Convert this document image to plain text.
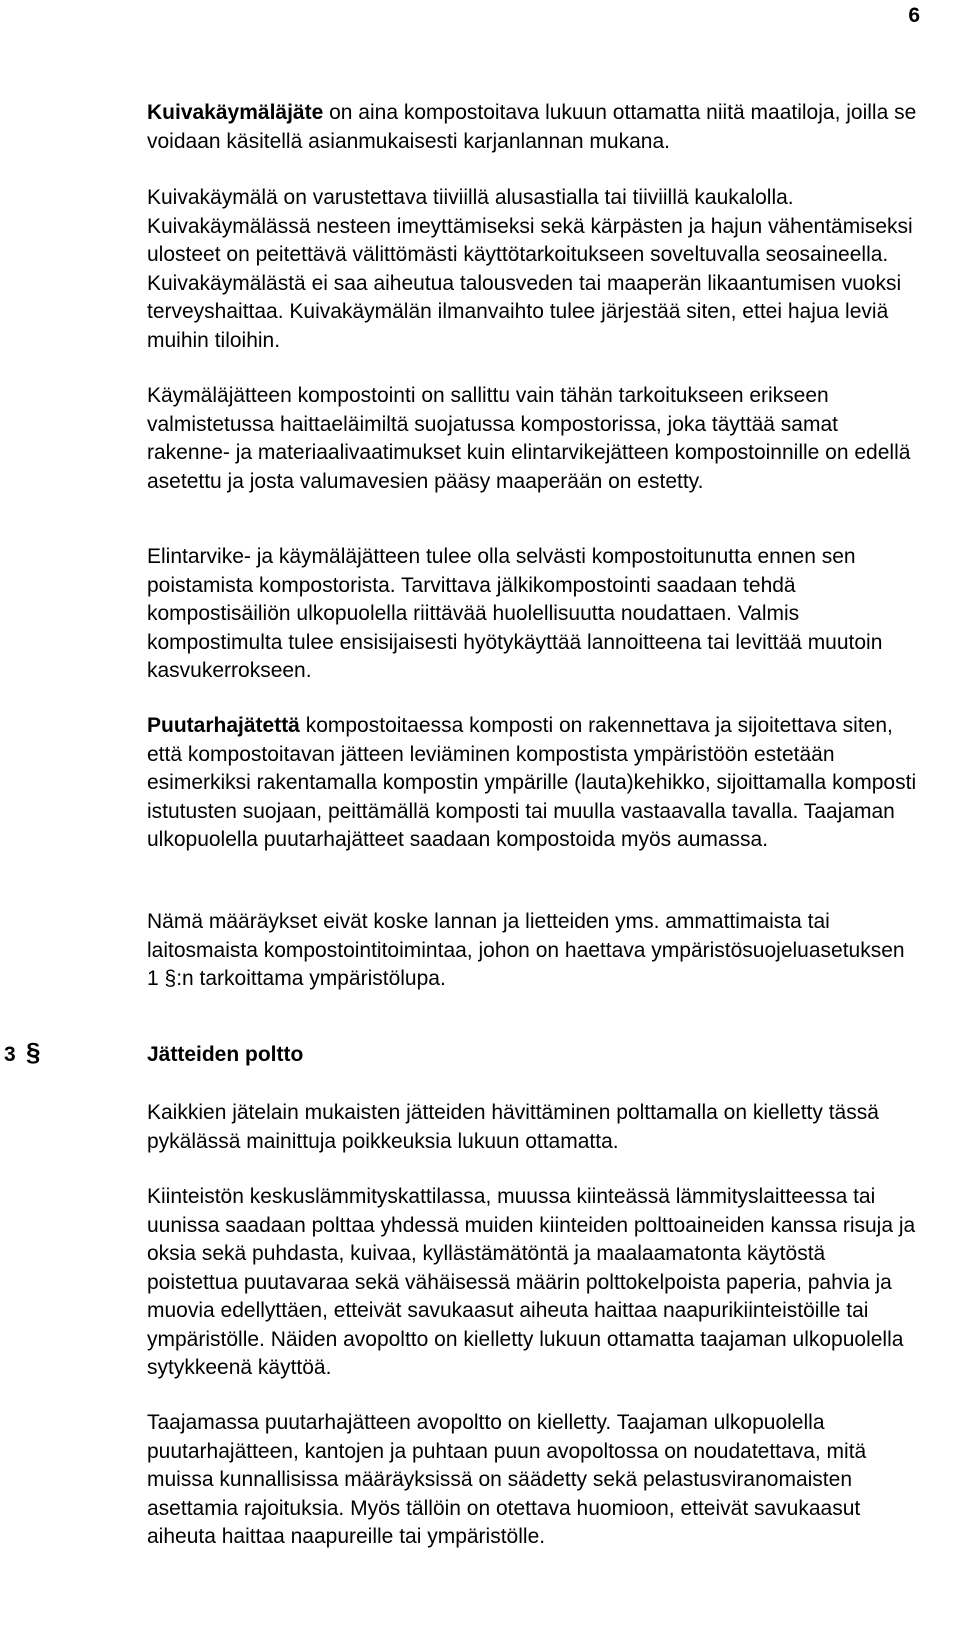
6

Kuivakäymäläjäte on aina kompostoitava lukuun ottamatta niitä maatiloja, joilla se voidaan käsitellä asianmukaisesti karjanlannan mukana.

Kuivakäymälä on varustettava tiiviillä alusastialla tai tiiviillä kaukalolla. Kuivakäymälässä nesteen imeyttämiseksi sekä kärpästen ja hajun vähentämiseksi ulosteet on peitettävä välittömästi käyttötarkoitukseen soveltuvalla seosaineella. Kuivakäymälästä ei saa aiheutua talousveden tai maaperän likaantumisen vuoksi terveyshaittaa. Kuivakäymälän ilmanvaihto tulee järjestää siten, ettei hajua leviä muihin tiloihin.

Käymäläjätteen kompostointi on sallittu vain tähän tarkoitukseen erikseen valmistetussa haittaeläimiltä suojatussa kompostorissa, joka täyttää samat rakenne- ja materiaalivaatimukset kuin elintarvikejätteen kompostoinnille on edellä asetettu ja josta valumavesien pääsy maaperään on estetty.

Elintarvike- ja käymäläjätteen tulee olla selvästi kompostoitunutta ennen sen poistamista kompostorista. Tarvittava jälkikompostointi saadaan tehdä kompostisäiliön ulkopuolella riittävää huolellisuutta noudattaen. Valmis kompostimulta tulee ensisijaisesti hyötykäyttää lannoitteena tai levittää muutoin kasvukerrokseen.

Puutarhajätettä kompostoitaessa komposti on rakennettava ja sijoitettava siten, että kompostoitavan jätteen leviäminen kompostista ympäristöön estetään esimerkiksi rakentamalla kompostin ympärille (lauta)kehikko, sijoittamalla komposti istutusten suojaan, peittämällä komposti tai muulla vastaavalla tavalla. Taajaman ulkopuolella puutarhajätteet saadaan kompostoida myös aumassa.

Nämä määräykset eivät koske lannan ja lietteiden yms. ammattimaista tai laitosmaista kompostointitoimintaa, johon on haettava ympäristösuojeluasetuksen 1 §:n tarkoittama ympäristölupa.

3 §	Jätteiden poltto

Kaikkien jätelain mukaisten jätteiden hävittäminen polttamalla on kielletty tässä pykälässä mainittuja poikkeuksia lukuun ottamatta.

Kiinteistön keskuslämmityskattilassa, muussa kiinteässä lämmityslaitteessa tai uunissa saadaan polttaa yhdessä muiden kiinteiden polttoaineiden kanssa risuja ja oksia sekä puhdasta, kuivaa, kyllästämätöntä ja maalaamatonta käytöstä poistettua puutavaraa sekä vähäisessä määrin polttokelpoista paperia, pahvia ja muovia edellyttäen, etteivät savukaasut aiheuta haittaa naapurikiinteistöille tai ympäristölle. Näiden avopoltto on kielletty lukuun ottamatta taajaman ulkopuolella sytykkeenä käyttöä.

Taajamassa puutarhajätteen avopoltto on kielletty. Taajaman ulkopuolella puutarhajätteen, kantojen ja puhtaan puun avopoltossa on noudatettava, mitä muissa kunnallisissa määräyksissä on säädetty sekä pelastusviranomaisten asettamia rajoituksia. Myös tällöin on otettava huomioon, etteivät savukaasut aiheuta haittaa naapureille tai ympäristölle.
